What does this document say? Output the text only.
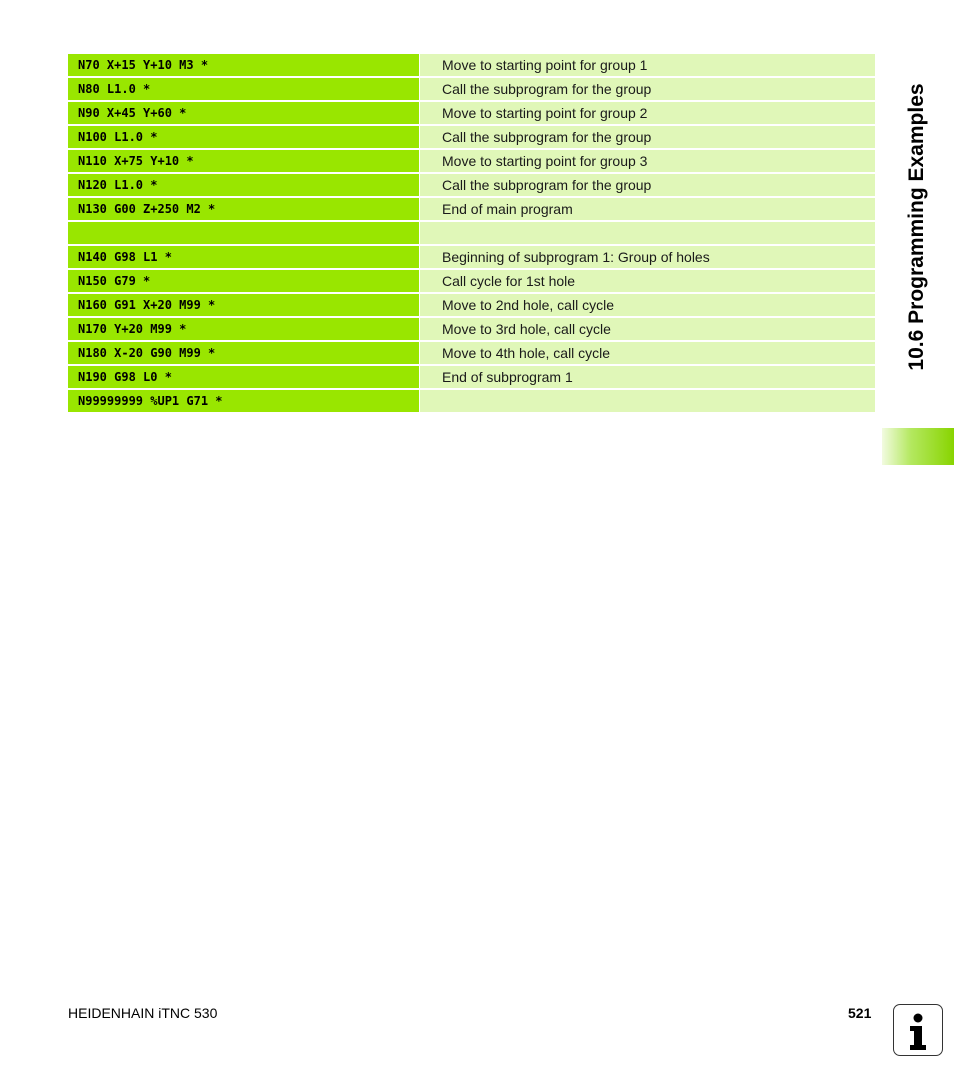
N70 X+15 Y+10 M3 *	Move to starting point for group 1
N80 L1.0 *	Call the subprogram for the group
N90 X+45 Y+60 *	Move to starting point for group 2
N100 L1.0 *	Call the subprogram for the group
N110 X+75 Y+10 *	Move to starting point for group 3
N120 L1.0 *	Call the subprogram for the group
N130 G00 Z+250 M2 *	End of main program

N140 G98 L1 *	Beginning of subprogram 1: Group of holes
N150 G79 *	Call cycle for 1st hole
N160 G91 X+20 M99 *	Move to 2nd hole, call cycle
N170 Y+20 M99 *	Move to 3rd hole, call cycle
N180 X-20 G90 M99 *	Move to 4th hole, call cycle
N190 G98 L0 *	End of subprogram 1
N99999999 %UP1 G71 *	
10.6 Programming Examples
HEIDENHAIN iTNC 530	521
